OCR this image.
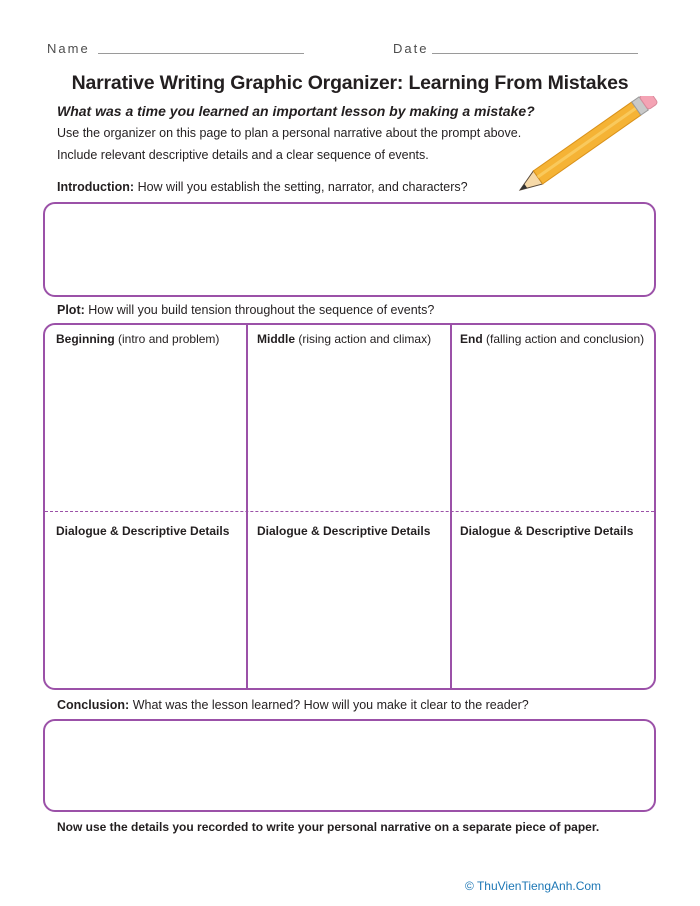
Name	Date
Narrative Writing Graphic Organizer: Learning From Mistakes
What was a time you learned an important lesson by making a mistake?
Use the organizer on this page to plan a personal narrative about the prompt above.
Include relevant descriptive details and a clear sequence of events.
Introduction: How will you establish the setting, narrator, and characters?
Plot: How will you build tension throughout the sequence of events?
Beginning (intro and problem)	Middle (rising action and climax) End (falling action and conclusion)
Dialogue & Descriptive Details Dialogue & Descriptive Details Dialogue & Descriptive Details
Conclusion: What was the lesson learned? How will you make it clear to the reader?
Now use the details you recorded to write your personal narrative on a separate piece of paper.
© ThuVienTiengAnh.Com
